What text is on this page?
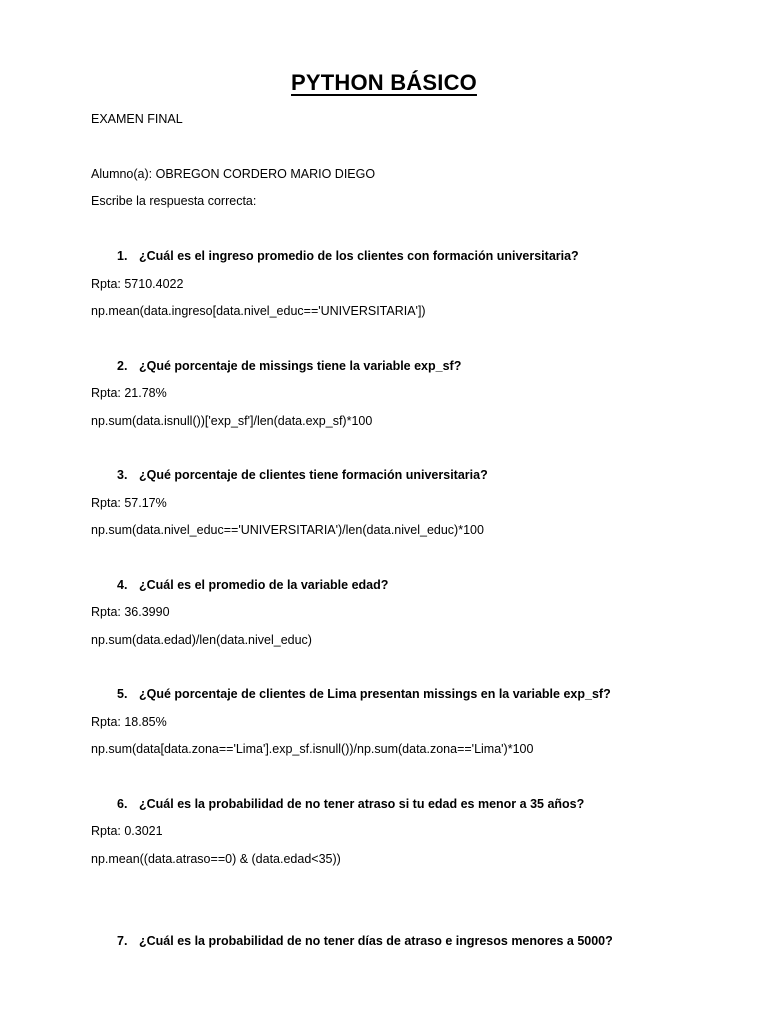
PYTHON BÁSICO
EXAMEN FINAL
Alumno(a): OBREGON CORDERO MARIO DIEGO
Escribe la respuesta correcta:
1. ¿Cuál es el ingreso promedio de los clientes con formación universitaria?
Rpta: 5710.4022
np.mean(data.ingreso[data.nivel_educ=='UNIVERSITARIA'])
2. ¿Qué porcentaje de missings tiene la variable exp_sf?
Rpta: 21.78%
np.sum(data.isnull())['exp_sf']/len(data.exp_sf)*100
3. ¿Qué porcentaje de clientes tiene formación universitaria?
Rpta: 57.17%
np.sum(data.nivel_educ=='UNIVERSITARIA')/len(data.nivel_educ)*100
4. ¿Cuál es el promedio de la variable edad?
Rpta: 36.3990
np.sum(data.edad)/len(data.nivel_educ)
5. ¿Qué porcentaje de clientes de Lima presentan missings en la variable exp_sf?
Rpta: 18.85%
np.sum(data[data.zona=='Lima'].exp_sf.isnull())/np.sum(data.zona=='Lima')*100
6. ¿Cuál es la probabilidad de no tener atraso si tu edad es menor a 35 años?
Rpta: 0.3021
np.mean((data.atraso==0) & (data.edad<35))
7. ¿Cuál es la probabilidad de no tener días de atraso e ingresos menores a 5000?
